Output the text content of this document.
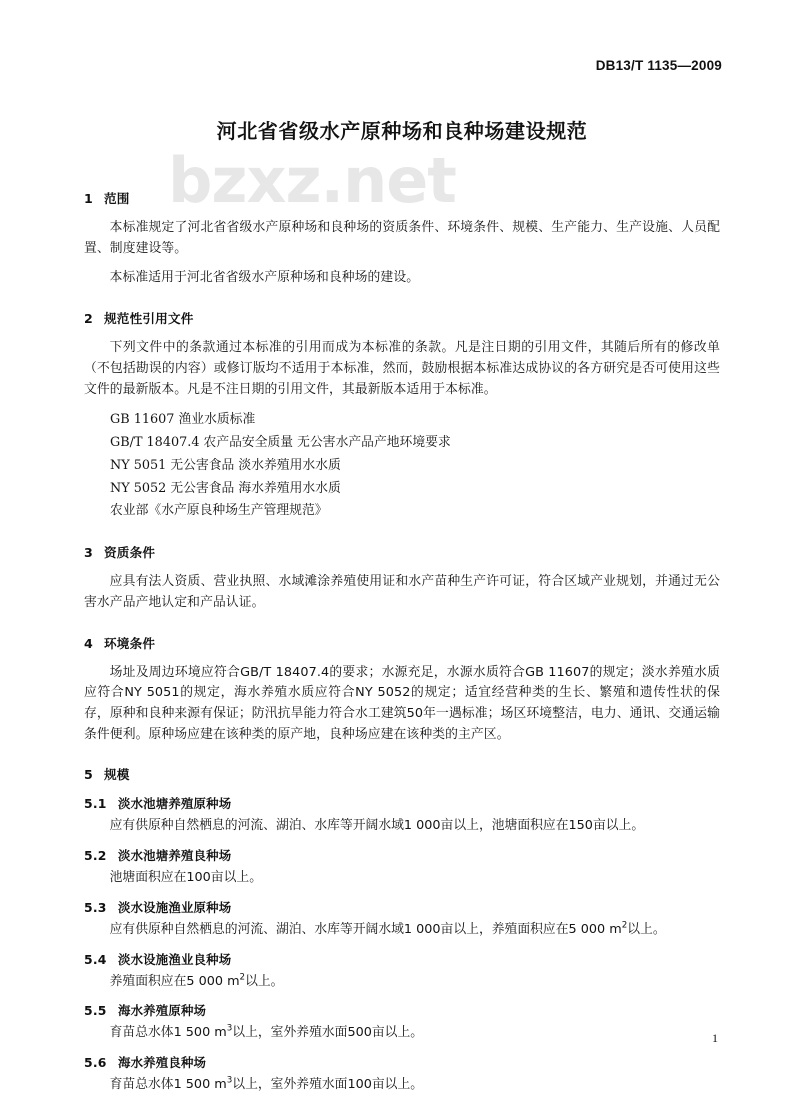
bzxz.net
DB13/T 1135—2009
河北省省级水产原种场和良种场建设规范
1 范围

本标准规定了河北省省级水产原种场和良种场的资质条件、环境条件、规模、生产能力、生产设施、人员配置、制度建设等。

本标准适用于河北省省级水产原种场和良种场的建设。

2 规范性引用文件

下列文件中的条款通过本标准的引用而成为本标准的条款。凡是注日期的引用文件，其随后所有的修改单（不包括勘误的内容）或修订版均不适用于本标准，然而，鼓励根据本标准达成协议的各方研究是否可使用这些文件的最新版本。凡是不注日期的引用文件，其最新版本适用于本标准。

GB 11607 渔业水质标准
GB/T 18407.4 农产品安全质量 无公害水产品产地环境要求
NY 5051 无公害食品 淡水养殖用水水质
NY 5052 无公害食品 海水养殖用水水质
农业部《水产原良种场生产管理规范》
3 资质条件

应具有法人资质、营业执照、水域滩涂养殖使用证和水产苗种生产许可证，符合区域产业规划，并通过无公害水产品产地认定和产品认证。

4 环境条件

场址及周边环境应符合GB/T 18407.4的要求；水源充足，水源水质符合GB 11607的规定；淡水养殖水质应符合NY 5051的规定，海水养殖水质应符合NY 5052的规定；适宜经营种类的生长、繁殖和遗传性状的保存，原种和良种来源有保证；防汛抗旱能力符合水工建筑50年一遇标准；场区环境整洁，电力、通讯、交通运输条件便利。原种场应建在该种类的原产地，良种场应建在该种类的主产区。

5 规模
5.1 淡水池塘养殖原种场

应有供原种自然栖息的河流、湖泊、水库等开阔水域1 000亩以上，池塘面积应在150亩以上。

5.2 淡水池塘养殖良种场

池塘面积应在100亩以上。

5.3 淡水设施渔业原种场

应有供原种自然栖息的河流、湖泊、水库等开阔水域1 000亩以上，养殖面积应在5 000 $m^2$以上。

5.4 淡水设施渔业良种场

养殖面积应在5 000 $m^2$以上。

5.5 海水养殖原种场

育苗总水体1 500 $m^3$以上，室外养殖水面500亩以上。

5.6 海水养殖良种场

育苗总水体1 500 $m^3$以上，室外养殖水面100亩以上。

1
